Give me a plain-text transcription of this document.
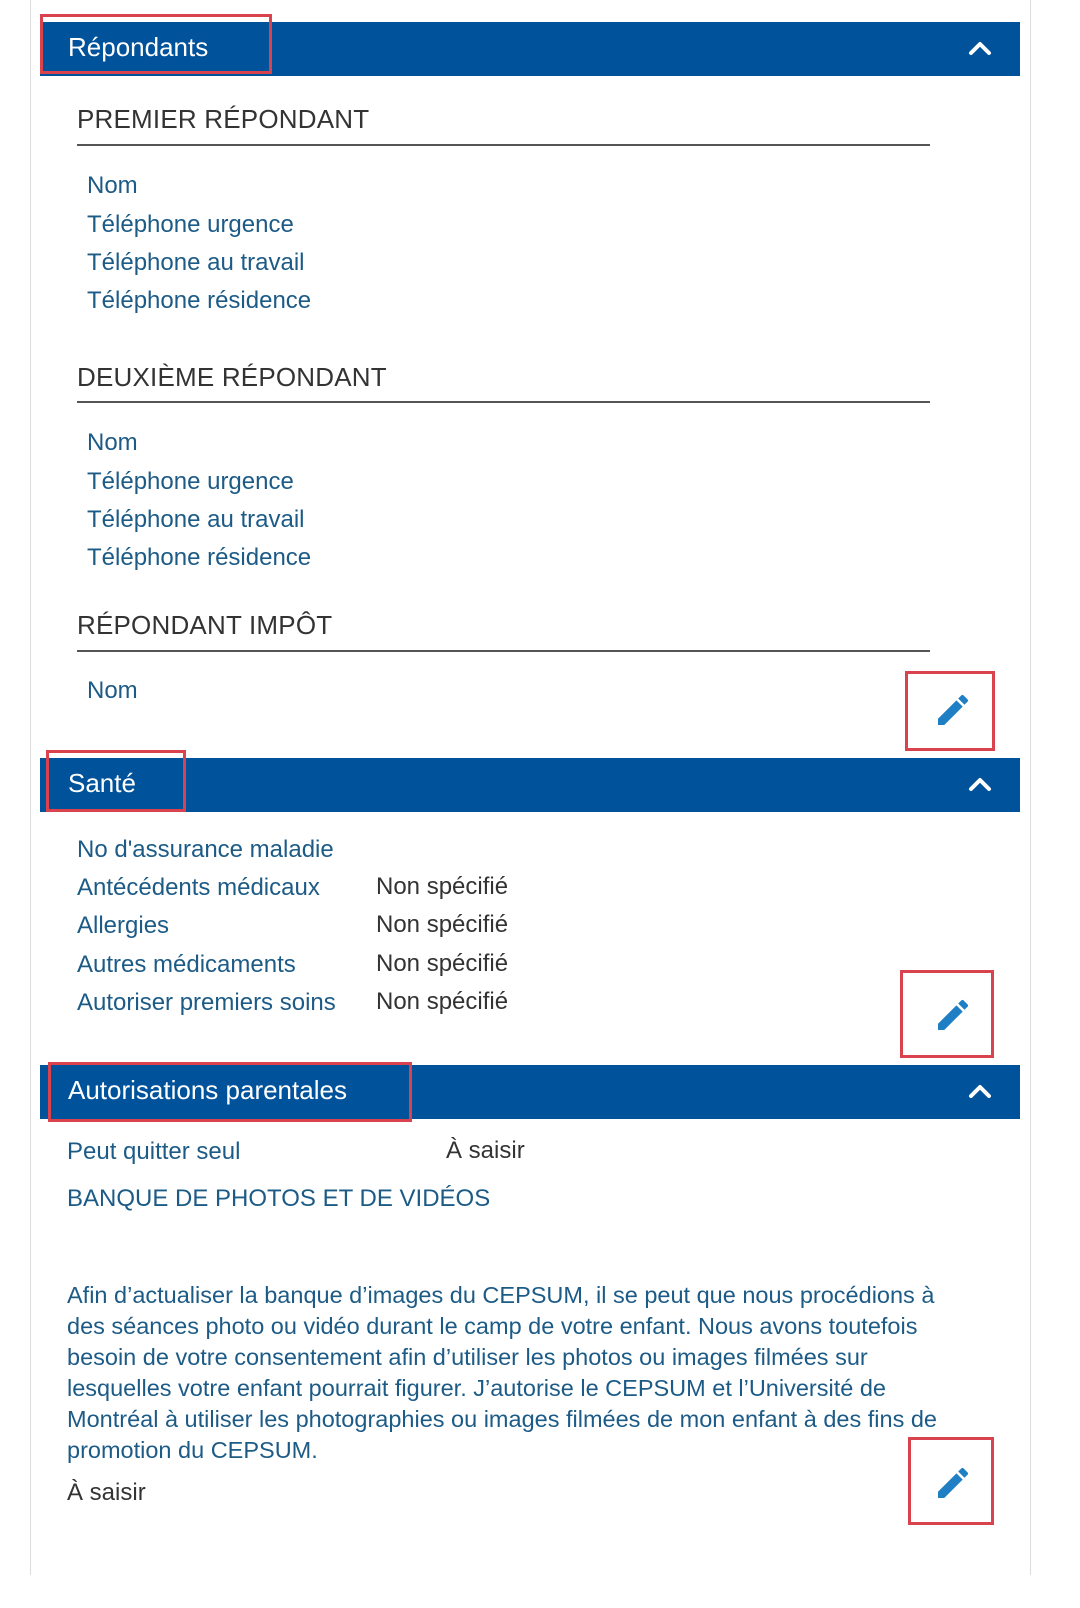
Répondants
PREMIER RÉPONDANT
Nom
Téléphone urgence
Téléphone au travail
Téléphone résidence
DEUXIÈME RÉPONDANT
Nom
Téléphone urgence
Téléphone au travail
Téléphone résidence
RÉPONDANT IMPÔT
Nom
Santé
No d'assurance maladie
Antécédents médicaux Non spécifié
Allergies	Non spécifié
Autres médicaments	Non spécifié
Autoriser premiers soins Non spécifié
Autorisations parentales
Peut quitter seul	À saisir
BANQUE DE PHOTOS ET DE VIDÉOS
Afin d’actualiser la banque d’images du CEPSUM, il se peut que nous procédions à des séances photo ou vidéo durant le camp de votre enfant. Nous avons toutefois besoin de votre consentement afin d’utiliser les photos ou images filmées sur lesquelles votre enfant pourrait figurer. J’autorise le CEPSUM et l’Université de Montréal à utiliser les photographies ou images filmées de mon enfant à des fins de promotion du CEPSUM.
À saisir
